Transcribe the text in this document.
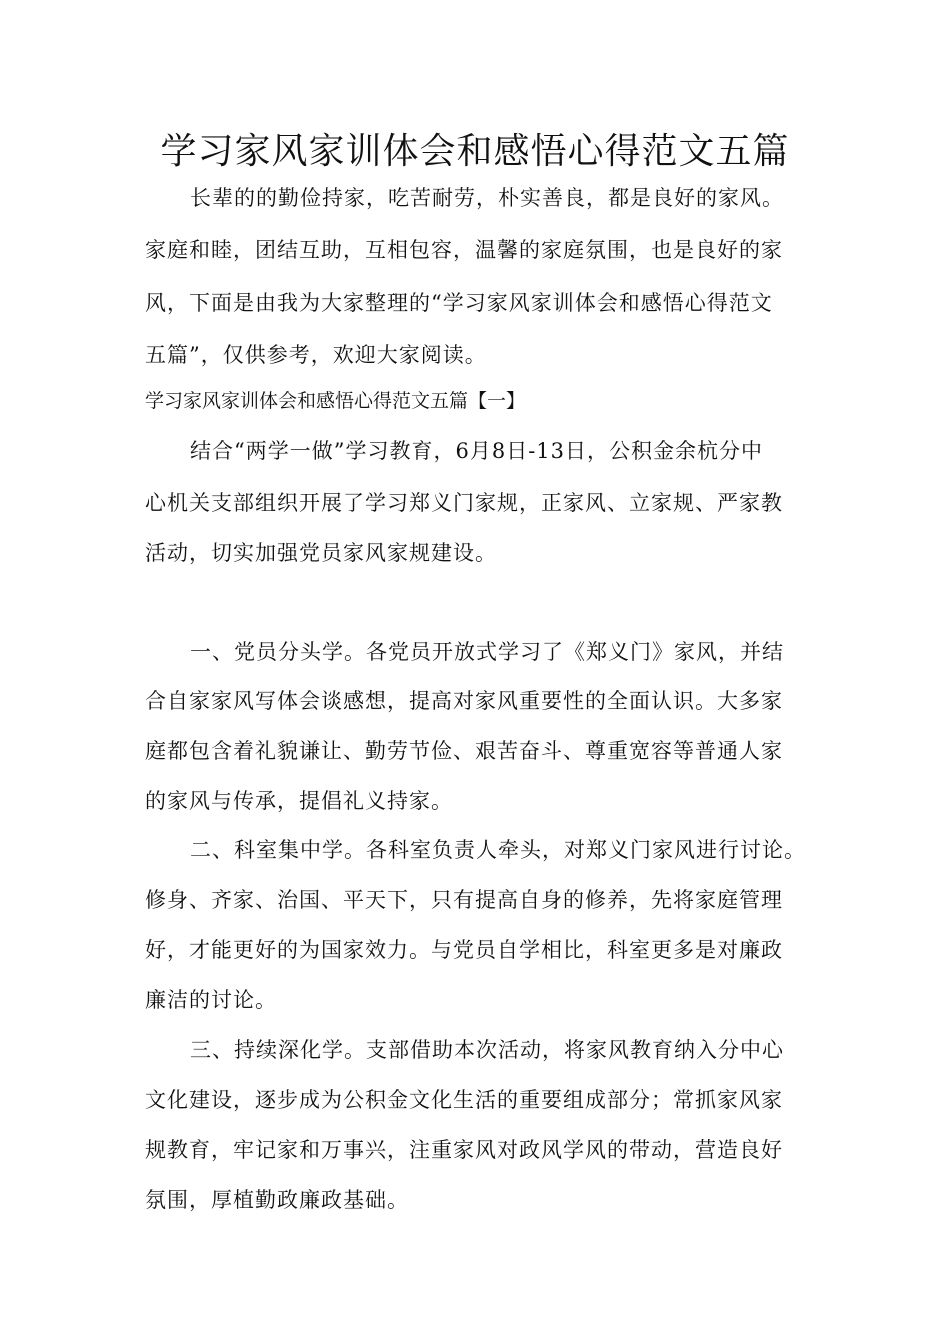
学习家风家训体会和感悟心得范文五篇
长辈的的勤俭持家，吃苦耐劳，朴实善良，都是良好的家风。
家庭和睦，团结互助，互相包容，温馨的家庭氛围，也是良好的家
风，下面是由我为大家整理的“学习家风家训体会和感悟心得范文
五篇”，仅供参考，欢迎大家阅读。
学习家风家训体会和感悟心得范文五篇【一】
结合“两学一做”学习教育，6月8日-13日，公积金余杭分中
心机关支部组织开展了学习郑义门家规，正家风、立家规、严家教
活动，切实加强党员家风家规建设。
一、党员分头学。各党员开放式学习了《郑义门》家风，并结
合自家家风写体会谈感想，提高对家风重要性的全面认识。大多家
庭都包含着礼貌谦让、勤劳节俭、艰苦奋斗、尊重宽容等普通人家
的家风与传承，提倡礼义持家。
二、科室集中学。各科室负责人牵头，对郑义门家风进行讨论。
修身、齐家、治国、平天下，只有提高自身的修养，先将家庭管理
好，才能更好的为国家效力。与党员自学相比，科室更多是对廉政
廉洁的讨论。
三、持续深化学。支部借助本次活动，将家风教育纳入分中心
文化建设，逐步成为公积金文化生活的重要组成部分；常抓家风家
规教育，牢记家和万事兴，注重家风对政风学风的带动，营造良好
氛围，厚植勤政廉政基础。
